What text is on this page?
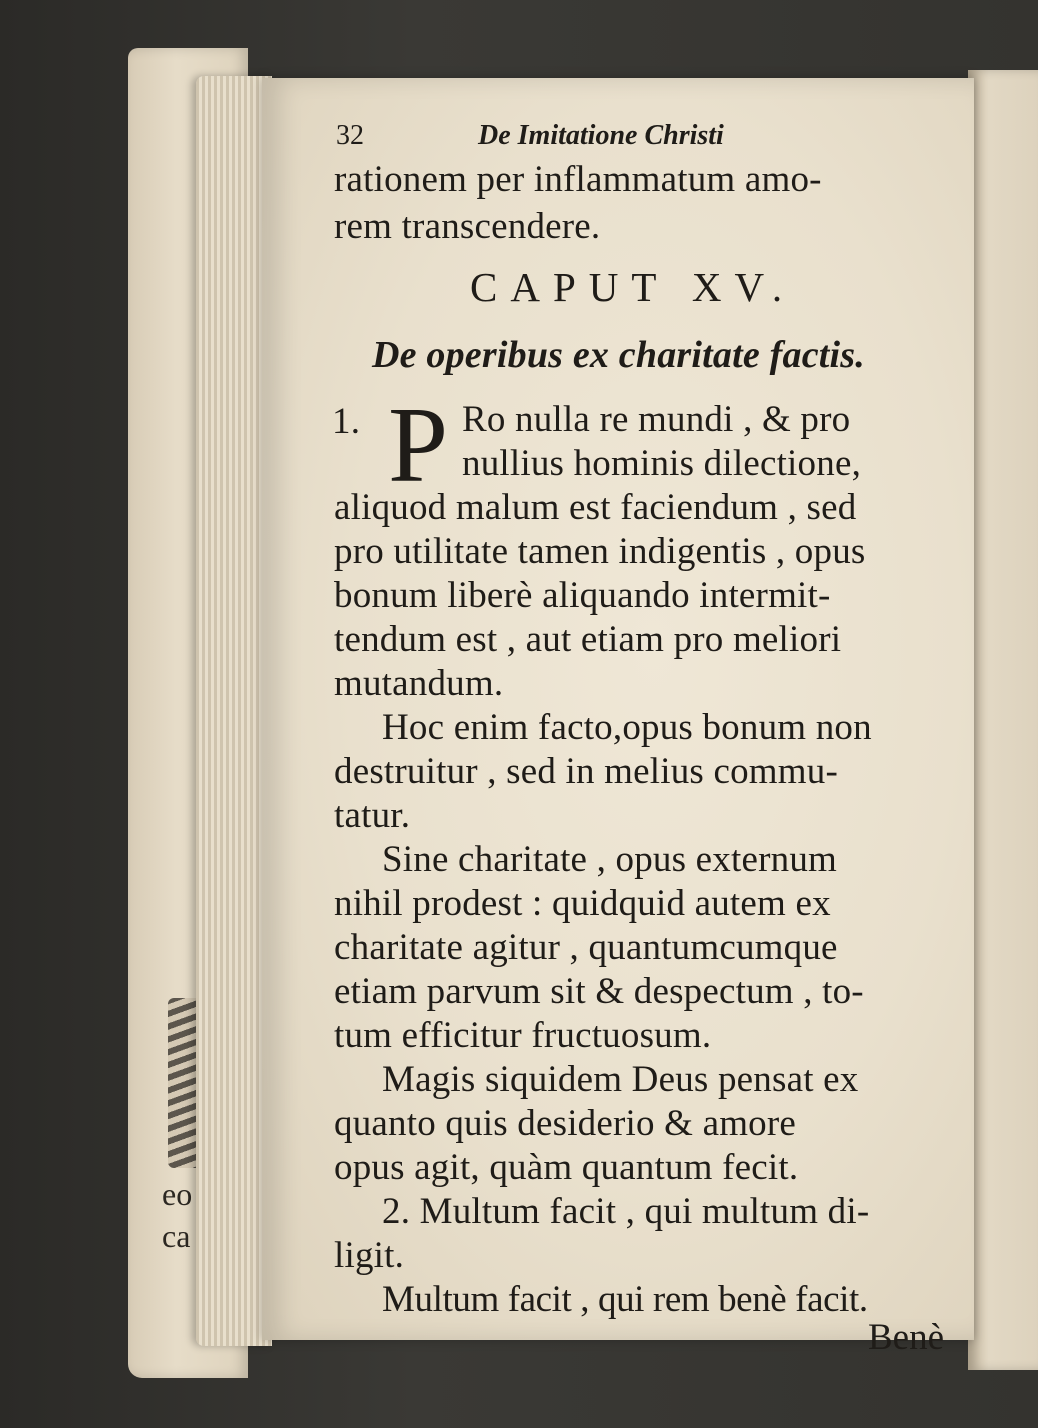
eo
ca
32	De Imitatione Christi
rationem per inflammatum amo-
rem transcendere.
CAPUT XV.
De operibus ex charitate factis.
1. P Ro nulla re mundi , & pro
nullius hominis dilectione,
aliquod malum est faciendum , sed
pro utilitate tamen indigentis , opus
bonum liberè aliquando intermit-
tendum est , aut etiam pro meliori
mutandum.
Hoc enim facto,opus bonum non
destruitur , sed in melius commu-
tatur.
Sine charitate , opus externum
nihil prodest : quidquid autem ex
charitate agitur , quantumcumque
etiam parvum sit & despectum , to-
tum efficitur fructuosum.
Magis siquidem Deus pensat ex
quanto quis desiderio & amore
opus agit, quàm quantum fecit.
2. Multum facit , qui multum di-
ligit.
Multum facit , qui rem benè facit.
Benè
